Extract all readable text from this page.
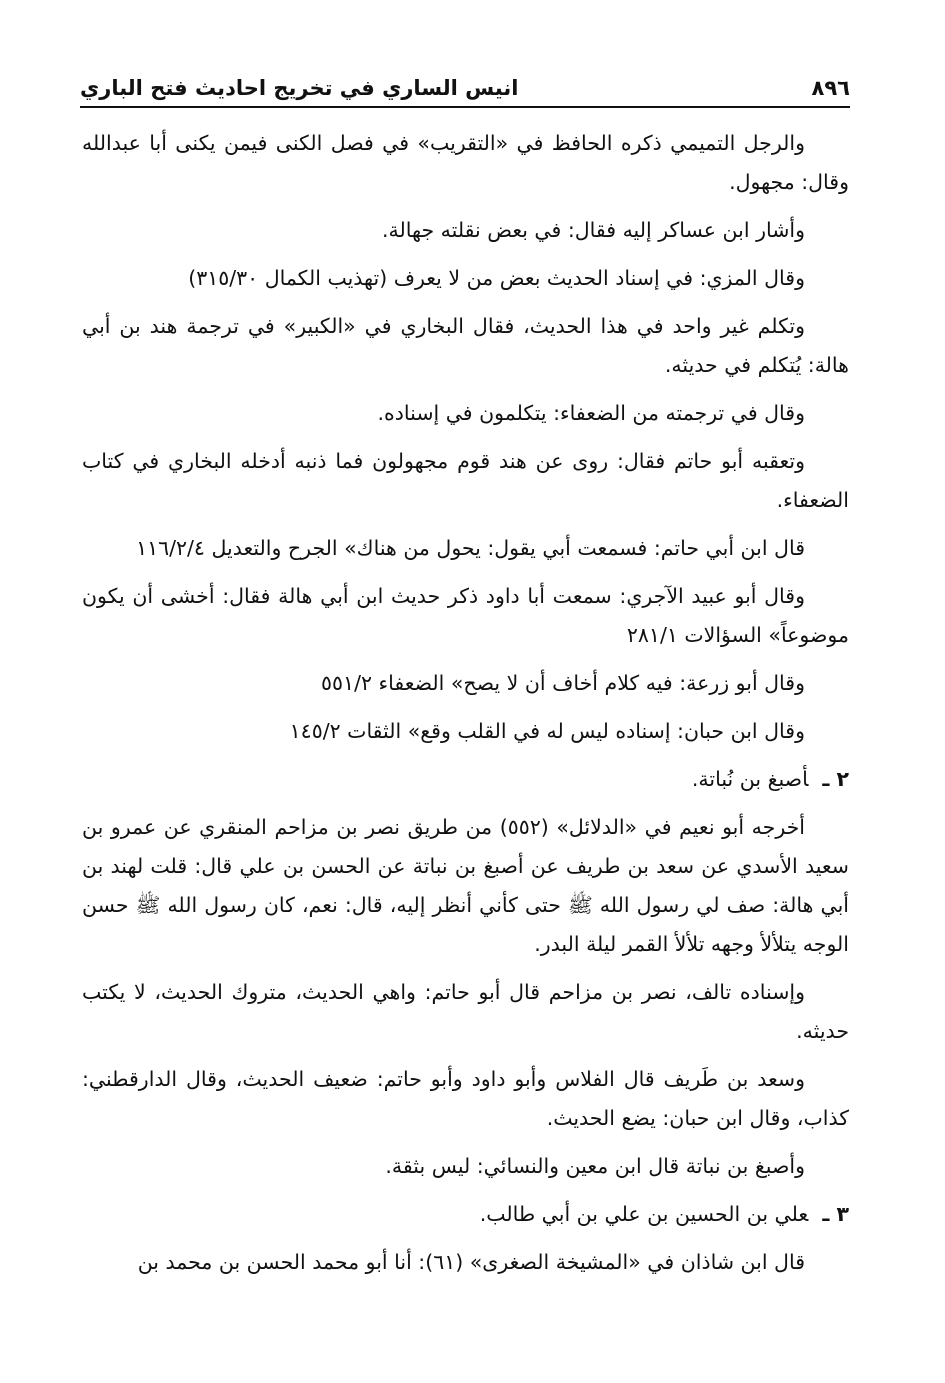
٨٩٦
انيس الساري في تخريج احاديث فتح الباري

والرجل التميمي ذكره الحافظ في «التقريب» في فصل الكنى فيمن يكنى أبا عبدالله وقال: مجهول.

وأشار ابن عساكر إليه فقال: في بعض نقلته جهالة.

وقال المزي: في إسناد الحديث بعض من لا يعرف (تهذيب الكمال ٣١٥/٣٠)

وتكلم غير واحد في هذا الحديث، فقال البخاري في «الكبير» في ترجمة هند بن أبي هالة: يُتكلم في حديثه.

وقال في ترجمته من الضعفاء: يتكلمون في إسناده.

وتعقبه أبو حاتم فقال: روى عن هند قوم مجهولون فما ذنبه أدخله البخاري في كتاب الضعفاء.

قال ابن أبي حاتم: فسمعت أبي يقول: يحول من هناك» الجرح والتعديل ١١٦/٢/٤

وقال أبو عبيد الآجري: سمعت أبا داود ذكر حديث ابن أبي هالة فقال: أخشى أن يكون موضوعاً» السؤالات ٢٨١/١

وقال أبو زرعة: فيه كلام أخاف أن لا يصح» الضعفاء ٥٥١/٢

وقال ابن حبان: إسناده ليس له في القلب وقع» الثقات ١٤٥/٢

٢ ـأصبغ بن نُباتة.

أخرجه أبو نعيم في «الدلائل» (٥٥٢) من طريق نصر بن مزاحم المنقري عن عمرو بن سعيد الأسدي عن سعد بن طريف عن أصبغ بن نباتة عن الحسن بن علي قال: قلت لهند بن أبي هالة: صف لي رسول الله ﷺ حتى كأني أنظر إليه، قال: نعم، كان رسول الله ﷺ حسن الوجه يتلألأ وجهه تلألأ القمر ليلة البدر.

وإسناده تالف، نصر بن مزاحم قال أبو حاتم: واهي الحديث، متروك الحديث، لا يكتب حديثه.

وسعد بن طَريف قال الفلاس وأبو داود وأبو حاتم: ضعيف الحديث، وقال الدارقطني: كذاب، وقال ابن حبان: يضع الحديث.

وأصبغ بن نباتة قال ابن معين والنسائي: ليس بثقة.

٣ ـعلي بن الحسين بن علي بن أبي طالب.

قال ابن شاذان في «المشيخة الصغرى» (٦١): أنا أبو محمد الحسن بن محمد بن
